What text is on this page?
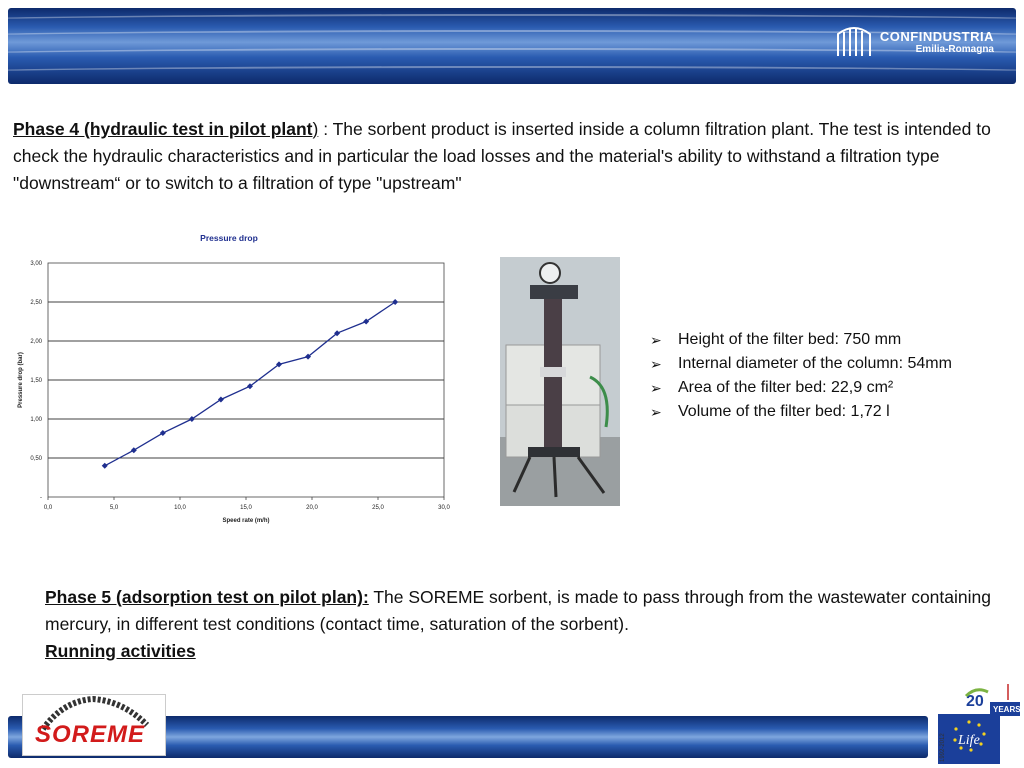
CONFINDUSTRIA
Emilia-Romagna
Phase 4 (hydraulic test in pilot plant) : The sorbent product is inserted inside a column filtration plant. The test is intended to check the hydraulic characteristics and in particular the load losses and the material's ability to withstand a filtration type "downstream“ or to switch to a filtration of type "upstream"
Pressure drop
-
0,50
1,00
1,50
2,00
2,50
3,00
0,0	5,0	10,0	15,0	20,0	25,0	30,0
Speed rate (m/h)
Pressure drop (bar)
➢ Height of the filter bed: 750 mm
➢ Internal diameter of the column: 54mm
➢ Area of the filter bed: 22,9 cm²
➢ Volume of the filter bed: 1,72 l
Phase 5 (adsorption test on pilot plan): The SOREME sorbent, is made to pass through from the wastewater containing mercury, in different test conditions (contact time, saturation of the sorbent).
Running activities
SOREME	Life
1992-2012
20 YEARS
